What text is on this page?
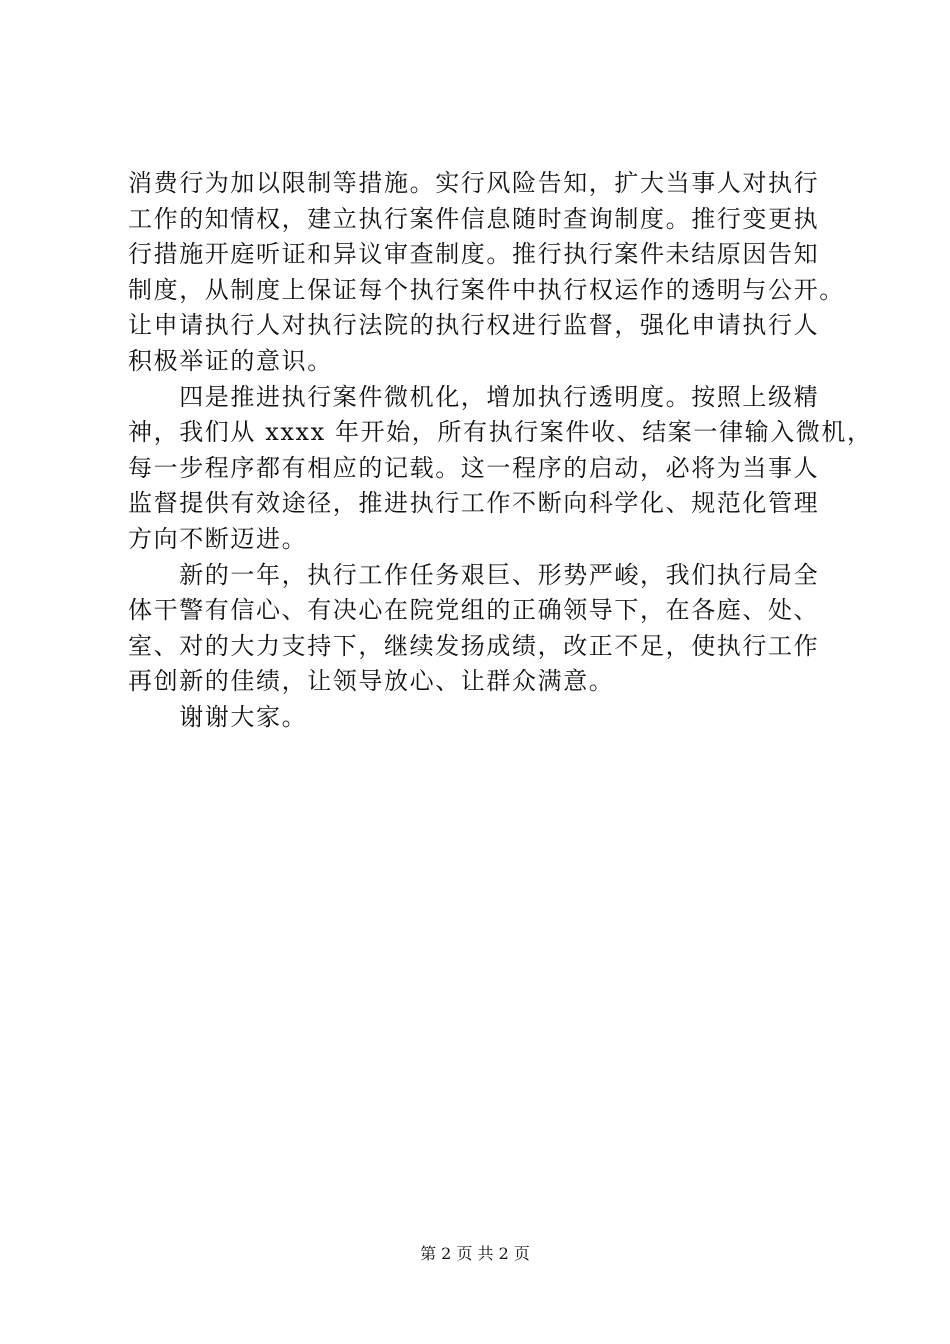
消费行为加以限制等措施。实行风险告知，扩大当事人对执行
工作的知情权，建立执行案件信息随时查询制度。推行变更执
行措施开庭听证和异议审查制度。推行执行案件未结原因告知
制度，从制度上保证每个执行案件中执行权运作的透明与公开。
让申请执行人对执行法院的执行权进行监督，强化申请执行人
积极举证的意识。
　　四是推进执行案件微机化，增加执行透明度。按照上级精
神，我们从 xxxx 年开始，所有执行案件收、结案一律输入微机，
每一步程序都有相应的记载。这一程序的启动，必将为当事人
监督提供有效途径，推进执行工作不断向科学化、规范化管理
方向不断迈进。
　　新的一年，执行工作任务艰巨、形势严峻，我们执行局全
体干警有信心、有决心在院党组的正确领导下，在各庭、处、
室、对的大力支持下，继续发扬成绩，改正不足，使执行工作
再创新的佳绩，让领导放心、让群众满意。
　　谢谢大家。
第 2 页 共 2 页
